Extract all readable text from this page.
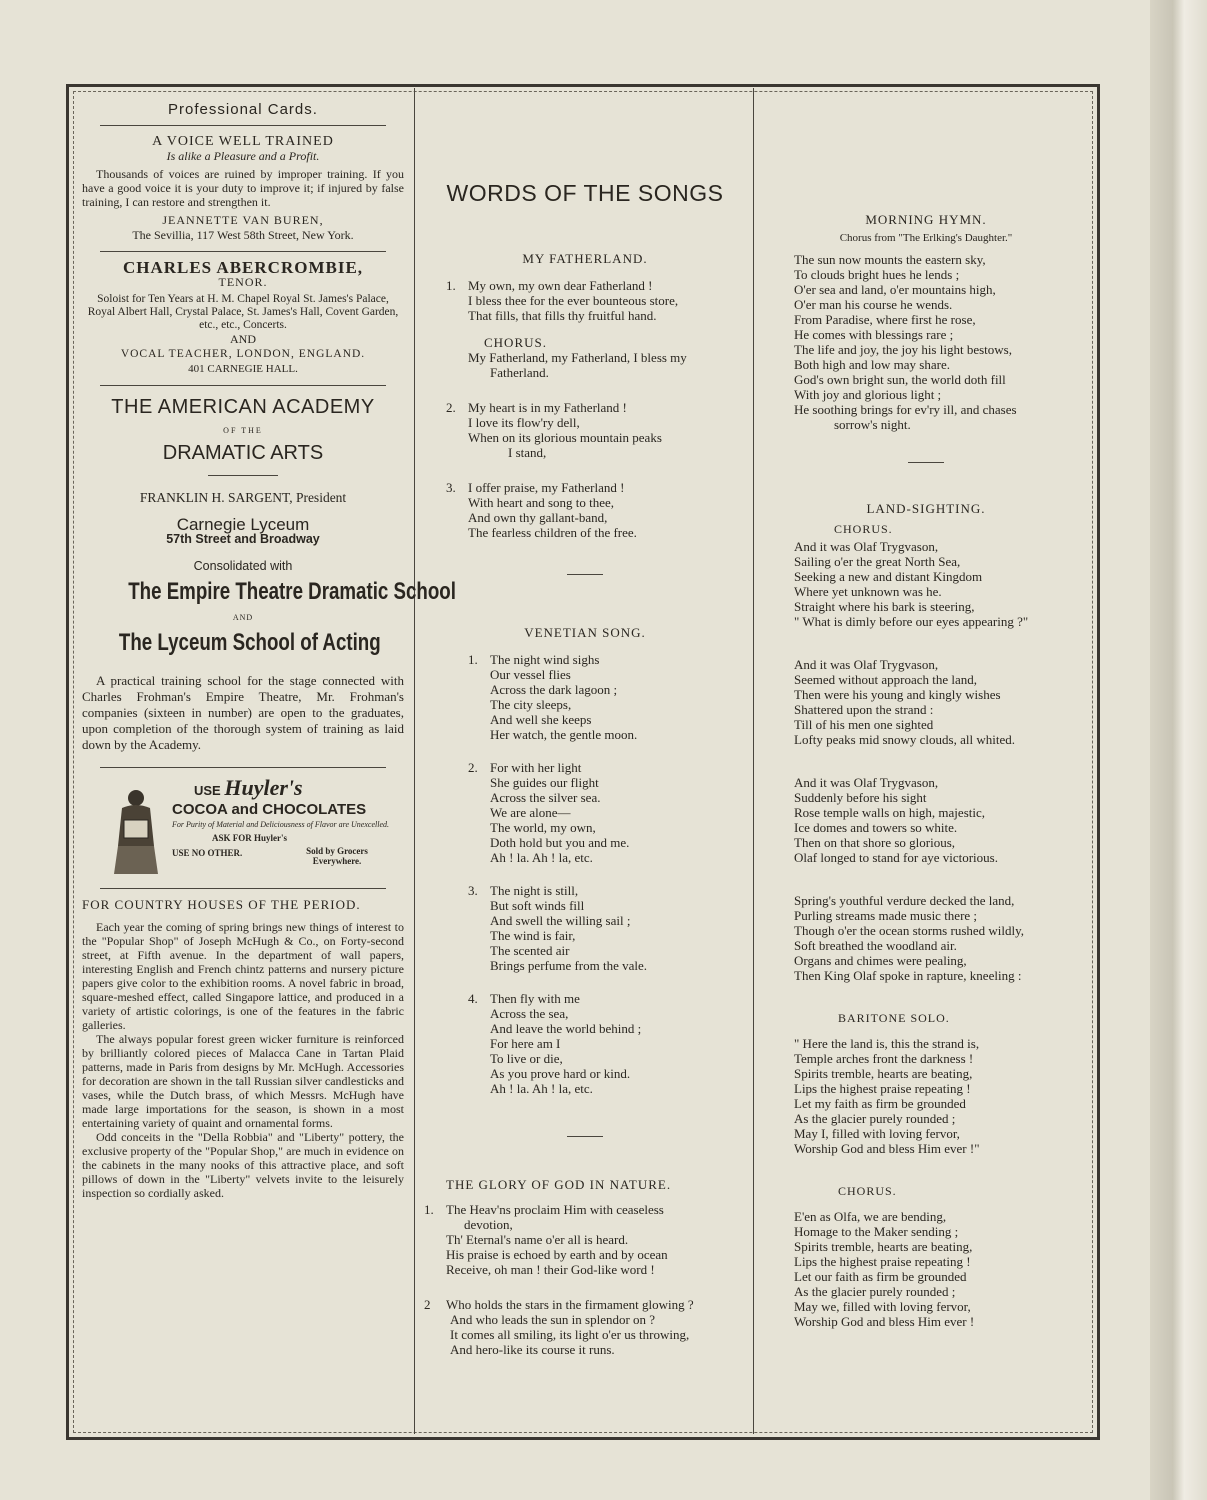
Professional Cards.

A VOICE WELL TRAINED

Is alike a Pleasure and a Profit.

Thousands of voices are ruined by improper training. If you have a good voice it is your duty to improve it; if injured by false training, I can restore and strengthen it.

JEANNETTE VAN BUREN,

The Sevillia, 117 West 58th Street, New York.

CHARLES ABERCROMBIE,

TENOR.

Soloist for Ten Years at H. M. Chapel Royal St. James's Palace, Royal Albert Hall, Crystal Palace, St. James's Hall, Covent Garden, etc., etc., Concerts.

AND

VOCAL TEACHER, LONDON, ENGLAND.

401 CARNEGIE HALL.

THE AMERICAN ACADEMY

OF THE

DRAMATIC ARTS

FRANKLIN H. SARGENT, President

Carnegie Lyceum

57th Street and Broadway

Consolidated with

The Empire Theatre Dramatic School

AND

The Lyceum School of Acting

A practical training school for the stage connected with Charles Frohman's Empire Theatre, Mr. Frohman's companies (sixteen in number) are open to the graduates, upon completion of the thorough system of training as laid down by the Academy.

USE Huyler's
COCOA and CHOCOLATES
For Purity of Material and Deliciousness of Flavor are Unexcelled.
ASK FOR Huyler's
USE NO OTHER.	Sold by Grocers Everywhere.

FOR COUNTRY HOUSES OF THE PERIOD.

Each year the coming of spring brings new things of interest to the "Popular Shop" of Joseph McHugh & Co., on Forty-second street, at Fifth avenue. In the department of wall papers, interesting English and French chintz patterns and nursery picture papers give color to the exhibition rooms. A novel fabric in broad, square-meshed effect, called Singapore lattice, and produced in a variety of artistic colorings, is one of the features in the fabric galleries.

The always popular forest green wicker furniture is reinforced by brilliantly colored pieces of Malacca Cane in Tartan Plaid patterns, made in Paris from designs by Mr. McHugh. Accessories for decoration are shown in the tall Russian silver candlesticks and vases, while the Dutch brass, of which Messrs. McHugh have made large importations for the season, is shown in a most entertaining variety of quaint and ornamental forms.

Odd conceits in the "Della Robbia" and "Liberty" pottery, the exclusive property of the "Popular Shop," are much in evidence on the cabinets in the many nooks of this attractive place, and soft pillows of down in the "Liberty" velvets invite to the leisurely inspection so cordially asked.

WORDS OF THE SONGS

MY FATHERLAND.

1. My own, my own dear Fatherland !
I bless thee for the ever bounteous store,
That fills, that fills thy fruitful hand.

CHORUS.

My Fatherland, my Fatherland, I bless my
Fatherland.
2. My heart is in my Fatherland !
I love its flow'ry dell,
When on its glorious mountain peaks
I stand,
3. I offer praise, my Fatherland !
With heart and song to thee,
And own thy gallant-band,
The fearless children of the free.

VENETIAN SONG.

1. The night wind sighs
Our vessel flies
Across the dark lagoon ;
The city sleeps,
And well she keeps
Her watch, the gentle moon.
2. For with her light
She guides our flight
Across the silver sea.
We are alone—
The world, my own,
Doth hold but you and me.
Ah ! la. Ah ! la, etc.
3. The night is still,
But soft winds fill
And swell the willing sail ;
The wind is fair,
The scented air
Brings perfume from the vale.
4. Then fly with me
Across the sea,
And leave the world behind ;
For here am I
To live or die,
As you prove hard or kind.
Ah ! la. Ah ! la, etc.

THE GLORY OF GOD IN NATURE.

1. The Heav'ns proclaim Him with ceaseless
devotion,
Th' Eternal's name o'er all is heard.
His praise is echoed by earth and by ocean
Receive, oh man ! their God-like word !
2	Who holds the stars in the firmament glowing ?
And who leads the sun in splendor on ?
It comes all smiling, its light o'er us throwing,
And hero-like its course it runs.

MORNING HYMN.

Chorus from "The Erlking's Daughter."

The sun now mounts the eastern sky,
To clouds bright hues he lends ;
O'er sea and land, o'er mountains high,
O'er man his course he wends.
From Paradise, where first he rose,
He comes with blessings rare ;
The life and joy, the joy his light bestows,
Both high and low may share.
God's own bright sun, the world doth fill
With joy and glorious light ;
He soothing brings for ev'ry ill, and chases
sorrow's night.

LAND-SIGHTING.

CHORUS.

And it was Olaf Trygvason,
Sailing o'er the great North Sea,
Seeking a new and distant Kingdom
Where yet unknown was he.
Straight where his bark is steering,
" What is dimly before our eyes appearing ?"
And it was Olaf Trygvason,
Seemed without approach the land,
Then were his young and kingly wishes
Shattered upon the strand :
Till of his men one sighted
Lofty peaks mid snowy clouds, all whited.
And it was Olaf Trygvason,
Suddenly before his sight
Rose temple walls on high, majestic,
Ice domes and towers so white.
Then on that shore so glorious,
Olaf longed to stand for aye victorious.
Spring's youthful verdure decked the land,
Purling streams made music there ;
Though o'er the ocean storms rushed wildly,
Soft breathed the woodland air.
Organs and chimes were pealing,
Then King Olaf spoke in rapture, kneeling :

BARITONE SOLO.

" Here the land is, this the strand is,
Temple arches front the darkness !
Spirits tremble, hearts are beating,
Lips the highest praise repeating !
Let my faith as firm be grounded
As the glacier purely rounded ;
May I, filled with loving fervor,
Worship God and bless Him ever !"

CHORUS.

E'en as Olfa, we are bending,
Homage to the Maker sending ;
Spirits tremble, hearts are beating,
Lips the highest praise repeating !
Let our faith as firm be grounded
As the glacier purely rounded ;
May we, filled with loving fervor,
Worship God and bless Him ever !
